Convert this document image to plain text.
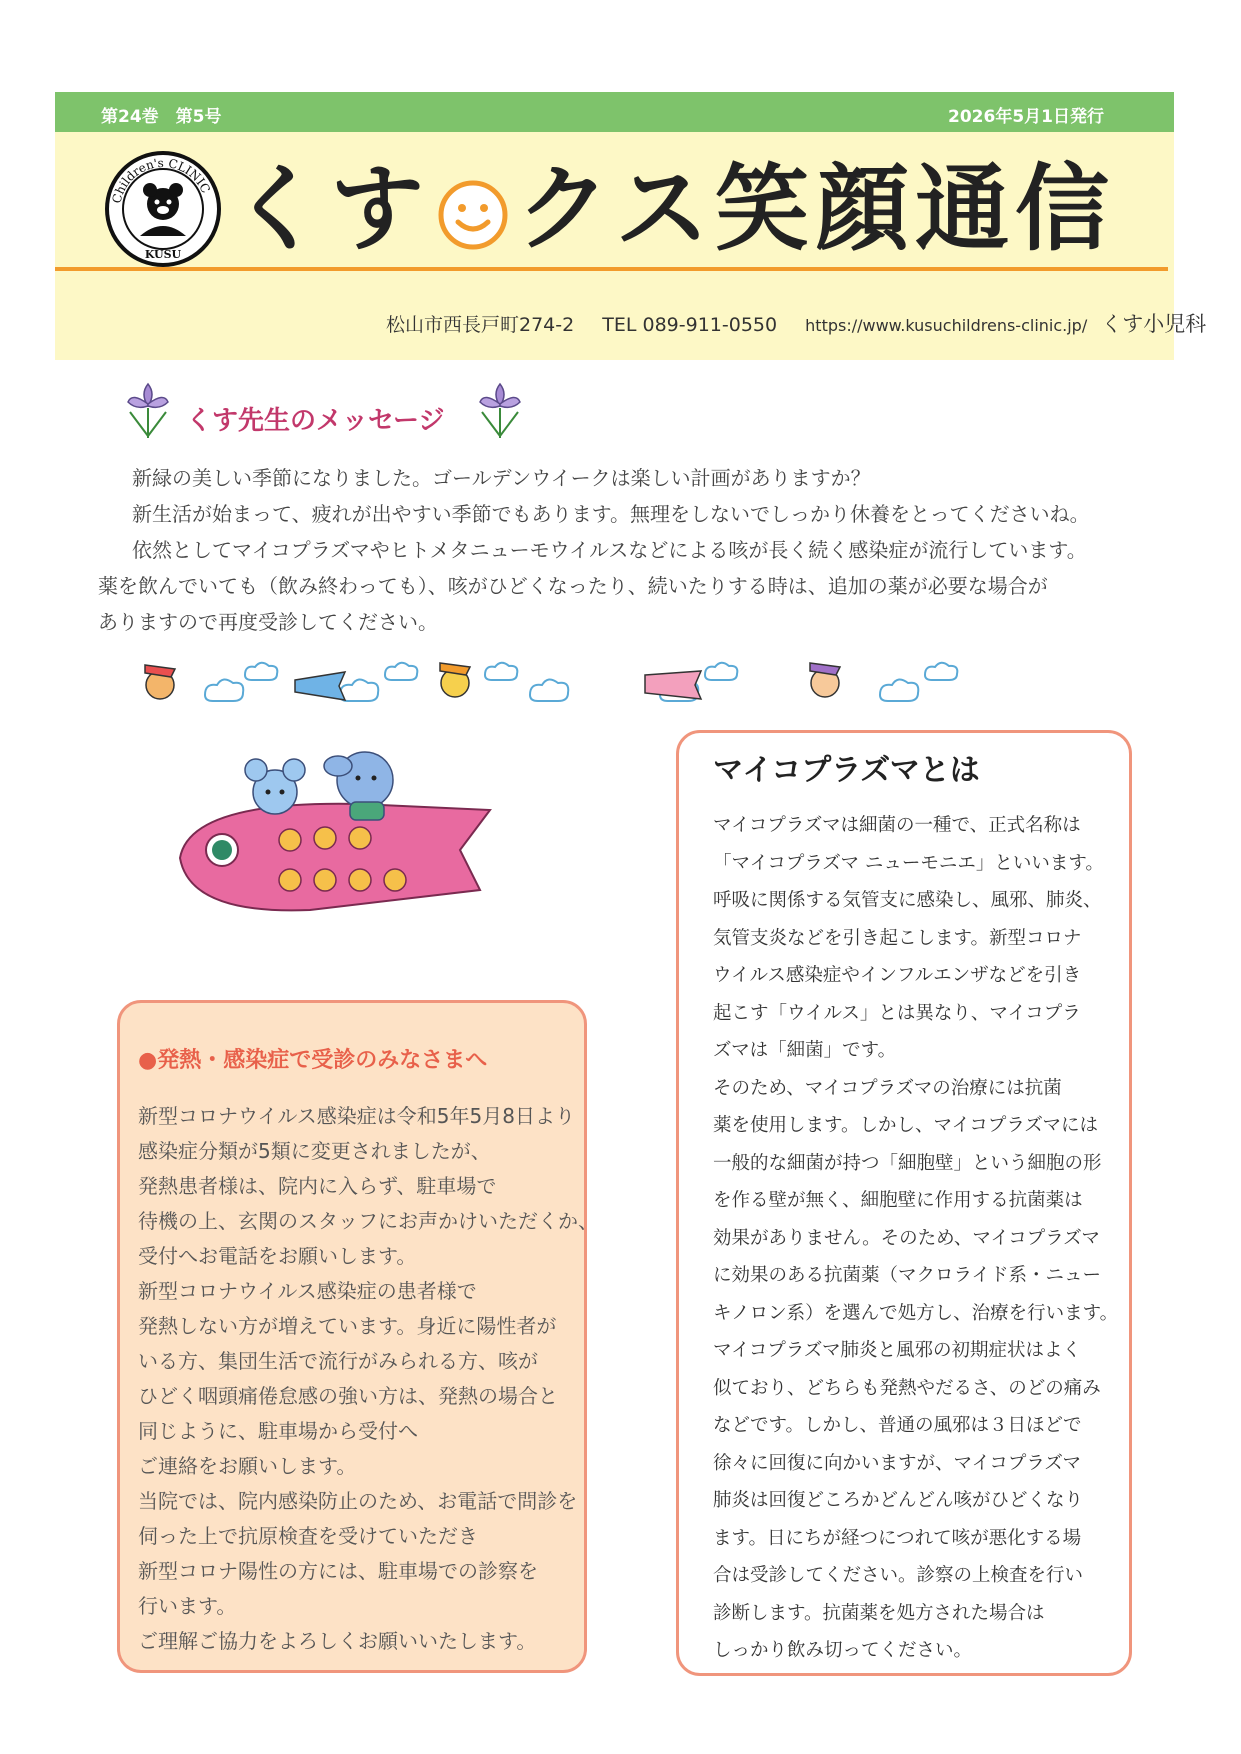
第24巻　第5号	2026年5月1日発行
Children's CLINIC
KUSU くす クス笑顔通信
松山市西長戸町274-2 TEL 089-911-0550 https://www.kusuchildrens-clinic.jp/ くす小児科
くす先生のメッセージ

新緑の美しい季節になりました。ゴールデンウイークは楽しい計画がありますか？

新生活が始まって、疲れが出やすい季節でもあります。無理をしないでしっかり休養をとってくださいね。

依然としてマイコプラズマやヒトメタニューモウイルスなどによる咳が長く続く感染症が流行しています。

薬を飲んでいても（飲み終わっても）、咳がひどくなったり、続いたりする時は、追加の薬が必要な場合が

ありますので再度受診してください。

●発熱・感染症で受診のみなさまへ

新型コロナウイルス感染症は令和5年5月8日より

感染症分類が5類に変更されましたが、

発熱患者様は、院内に入らず、駐車場で

待機の上、玄関のスタッフにお声かけいただくか、

受付へお電話をお願いします。

新型コロナウイルス感染症の患者様で

発熱しない方が増えています。身近に陽性者が

いる方、集団生活で流行がみられる方、咳が

ひどく咽頭痛倦怠感の強い方は、発熱の場合と

同じように、駐車場から受付へ

ご連絡をお願いします。

当院では、院内感染防止のため、お電話で問診を

伺った上で抗原検査を受けていただき

新型コロナ陽性の方には、駐車場での診察を

行います。

ご理解ご協力をよろしくお願いいたします。

マイコプラズマとは

マイコプラズマは細菌の一種で、正式名称は

「マイコプラズマ ニューモニエ」といいます。

呼吸に関係する気管支に感染し、風邪、肺炎、

気管支炎などを引き起こします。新型コロナ

ウイルス感染症やインフルエンザなどを引き

起こす「ウイルス」とは異なり、マイコプラ

ズマは「細菌」です。

そのため、マイコプラズマの治療には抗菌

薬を使用します。しかし、マイコプラズマには

一般的な細菌が持つ「細胞壁」という細胞の形

を作る壁が無く、細胞壁に作用する抗菌薬は

効果がありません。そのため、マイコプラズマ

に効果のある抗菌薬（マクロライド系・ニュー

キノロン系）を選んで処方し、治療を行います。

マイコプラズマ肺炎と風邪の初期症状はよく

似ており、どちらも発熱やだるさ、のどの痛み

などです。しかし、普通の風邪は３日ほどで

徐々に回復に向かいますが、マイコプラズマ

肺炎は回復どころかどんどん咳がひどくなり

ます。日にちが経つにつれて咳が悪化する場

合は受診してください。診察の上検査を行い

診断します。抗菌薬を処方された場合は

しっかり飲み切ってください。
